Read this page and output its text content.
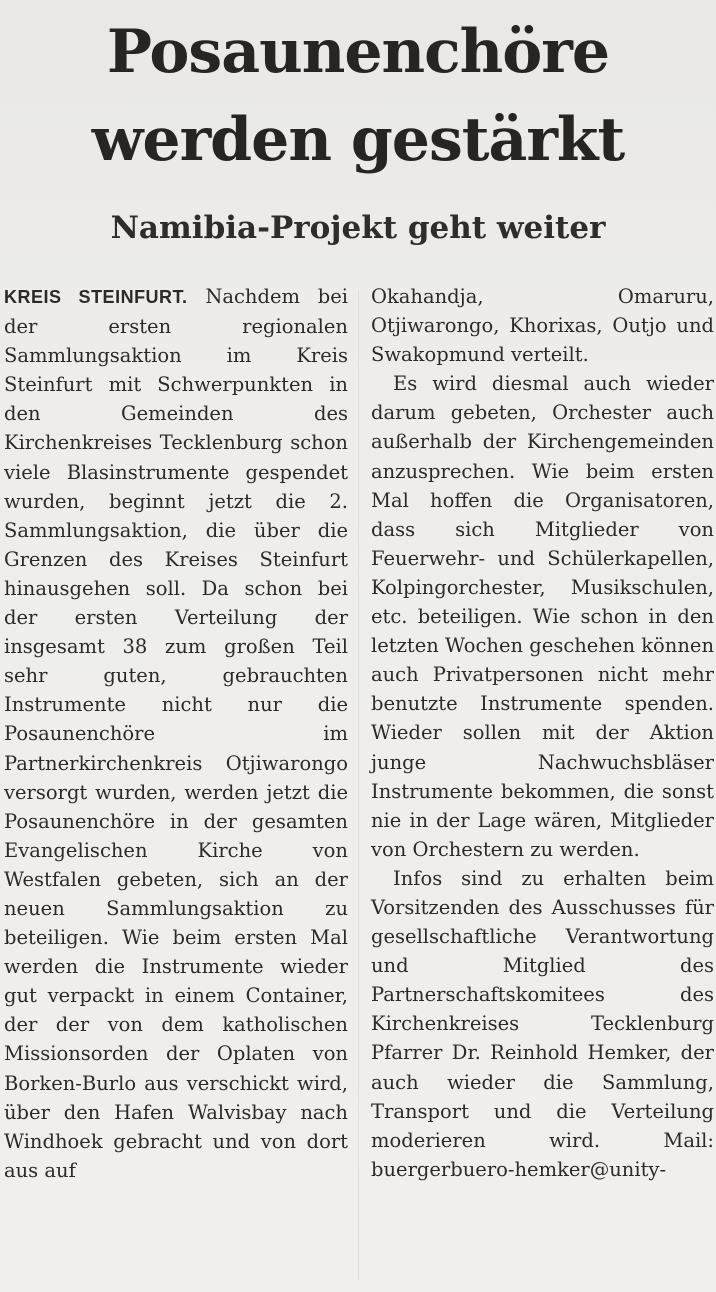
Posaunenchöre
werden gestärkt
Namibia-Projekt geht weiter

KREIS STEINFURT. Nachdem bei der ersten regionalen Sammlungsaktion im Kreis Steinfurt mit Schwerpunkten in den Gemeinden des Kirchenkreises Tecklenburg schon viele Blasinstrumente gespendet wurden, beginnt jetzt die 2. Sammlungsaktion, die über die Grenzen des Kreises Steinfurt hinausgehen soll. Da schon bei der ersten Verteilung der insgesamt 38 zum großen Teil sehr guten, gebrauchten Instrumente nicht nur die Posaunenchöre im Partnerkirchenkreis Otjiwarongo versorgt wurden, werden jetzt die Posaunenchöre in der gesamten Evangelischen Kirche von Westfalen gebeten, sich an der neuen Sammlungsaktion zu beteiligen. Wie beim ersten Mal werden die Instrumente wieder gut verpackt in einem Container, der der von dem katholischen Missionsorden der Oplaten von Borken-Burlo aus verschickt wird, über den Hafen Walvisbay nach Windhoek gebracht und von dort aus auf

Okahandja, Omaruru, Otjiwarongo, Khorixas, Outjo und Swakopmund verteilt.

Es wird diesmal auch wieder darum gebeten, Orchester auch außerhalb der Kirchengemeinden anzusprechen. Wie beim ersten Mal hoffen die Organisatoren, dass sich Mitglieder von Feuerwehr- und Schülerkapellen, Kolpingorchester, Musikschulen, etc. beteiligen. Wie schon in den letzten Wochen geschehen können auch Privatpersonen nicht mehr benutzte Instrumente spenden. Wieder sollen mit der Aktion junge Nachwuchsbläser Instrumente bekommen, die sonst nie in der Lage wären, Mitglieder von Orchestern zu werden.

Infos sind zu erhalten beim Vorsitzenden des Ausschusses für gesellschaftliche Verantwortung und Mitglied des Partnerschaftskomitees des Kirchenkreises Tecklenburg Pfarrer Dr. Reinhold Hemker, der auch wieder die Sammlung, Transport und die Verteilung moderieren wird. Mail: buergerbuero-hemker@unity-
